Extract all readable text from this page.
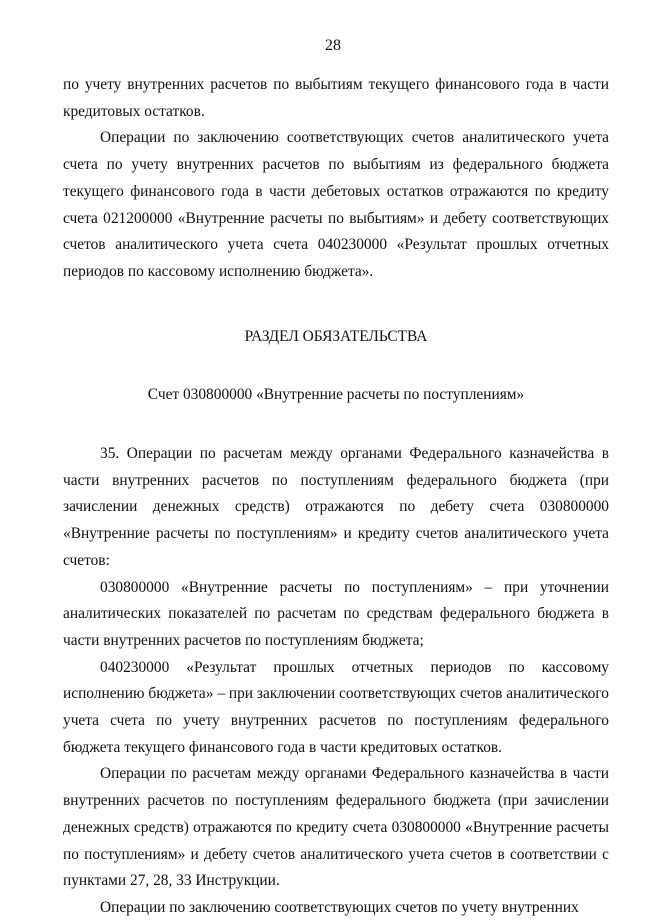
28

по учету внутренних расчетов по выбытиям текущего финансового года в части кредитовых остатков.

Операции по заключению соответствующих счетов аналитического учета счета по учету внутренних расчетов по выбытиям из федерального бюджета текущего финансового года в части дебетовых остатков отражаются по кредиту счета 021200000 «Внутренние расчеты по выбытиям» и дебету соответствующих счетов аналитического учета счета 040230000 «Результат прошлых отчетных периодов по кассовому исполнению бюджета».

РАЗДЕЛ ОБЯЗАТЕЛЬСТВА

Счет 030800000 «Внутренние расчеты по поступлениям»

35. Операции по расчетам между органами Федерального казначейства в части внутренних расчетов по поступлениям федерального бюджета (при зачислении денежных средств) отражаются по дебету счета 030800000 «Внутренние расчеты по поступлениям» и кредиту счетов аналитического учета счетов:

030800000 «Внутренние расчеты по поступлениям» – при уточнении аналитических показателей по расчетам по средствам федерального бюджета в части внутренних расчетов по поступлениям бюджета;

040230000 «Результат прошлых отчетных периодов по кассовому исполнению бюджета» – при заключении соответствующих счетов аналитического учета счета по учету внутренних расчетов по поступлениям федерального бюджета текущего финансового года в части кредитовых остатков.

Операции по расчетам между органами Федерального казначейства в части внутренних расчетов по поступлениям федерального бюджета (при зачислении денежных средств) отражаются по кредиту счета 030800000 «Внутренние расчеты по поступлениям» и дебету счетов аналитического учета счетов в соответствии с пунктами 27, 28, 33 Инструкции.

Операции по заключению соответствующих счетов по учету внутренних
